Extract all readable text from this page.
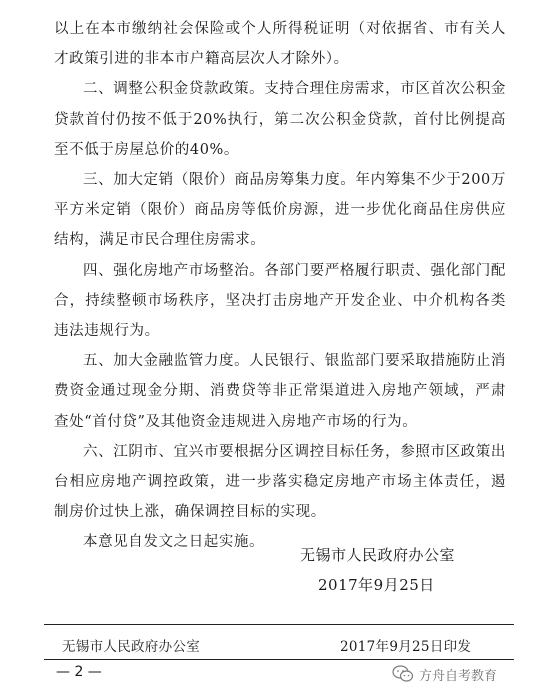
以上在本市缴纳社会保险或个人所得税证明（对依据省、市有关人才政策引进的非本市户籍高层次人才除外）。

二、调整公积金贷款政策。支持合理住房需求，市区首次公积金贷款首付仍按不低于20%执行，第二次公积金贷款，首付比例提高至不低于房屋总价的40%。

三、加大定销（限价）商品房筹集力度。年内筹集不少于200万平方米定销（限价）商品房等低价房源，进一步优化商品住房供应结构，满足市民合理住房需求。

四、强化房地产市场整治。各部门要严格履行职责、强化部门配合，持续整顿市场秩序，坚决打击房地产开发企业、中介机构各类违法违规行为。

五、加大金融监管力度。人民银行、银监部门要采取措施防止消费资金通过现金分期、消费贷等非正常渠道进入房地产领域，严肃查处“首付贷”及其他资金违规进入房地产市场的行为。

六、江阴市、宜兴市要根据分区调控目标任务，参照市区政策出台相应房地产调控政策，进一步落实稳定房地产市场主体责任，遏制房价过快上涨，确保调控目标的实现。

本意见自发文之日起实施。

无锡市人民政府办公室
2017年9月25日
无锡市人民政府办公室	2017年9月25日印发
— 2 —	方舟自考教育
